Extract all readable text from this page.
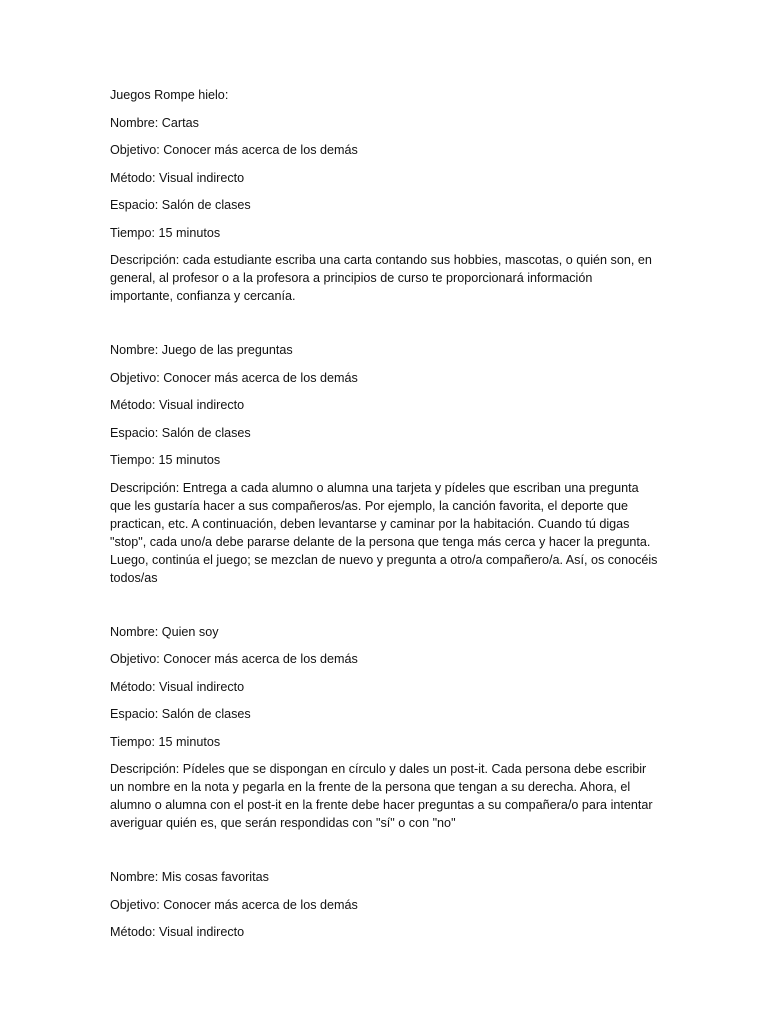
Juegos Rompe hielo:

Nombre: Cartas

Objetivo: Conocer más acerca de los demás

Método: Visual indirecto

Espacio: Salón de clases

Tiempo: 15 minutos

Descripción: cada estudiante escriba una carta contando sus hobbies, mascotas, o quién son, en general, al profesor o a la profesora a principios de curso te proporcionará información importante, confianza y cercanía.

Nombre: Juego de las preguntas

Objetivo: Conocer más acerca de los demás

Método: Visual indirecto

Espacio: Salón de clases

Tiempo: 15 minutos

Descripción: Entrega a cada alumno o alumna una tarjeta y pídeles que escriban una pregunta que les gustaría hacer a sus compañeros/as. Por ejemplo, la canción favorita, el deporte que practican, etc. A continuación, deben levantarse y caminar por la habitación. Cuando tú digas "stop", cada uno/a debe pararse delante de la persona que tenga más cerca y hacer la pregunta. Luego, continúa el juego; se mezclan de nuevo y pregunta a otro/a compañero/a. Así, os conocéis todos/as

Nombre: Quien soy

Objetivo: Conocer más acerca de los demás

Método: Visual indirecto

Espacio: Salón de clases

Tiempo: 15 minutos

Descripción: Pídeles que se dispongan en círculo y dales un post-it. Cada persona debe escribir un nombre en la nota y pegarla en la frente de la persona que tengan a su derecha. Ahora, el alumno o alumna con el post-it en la frente debe hacer preguntas a su compañera/o para intentar averiguar quién es, que serán respondidas con "sí" o con "no"

Nombre: Mis cosas favoritas

Objetivo: Conocer más acerca de los demás

Método: Visual indirecto
